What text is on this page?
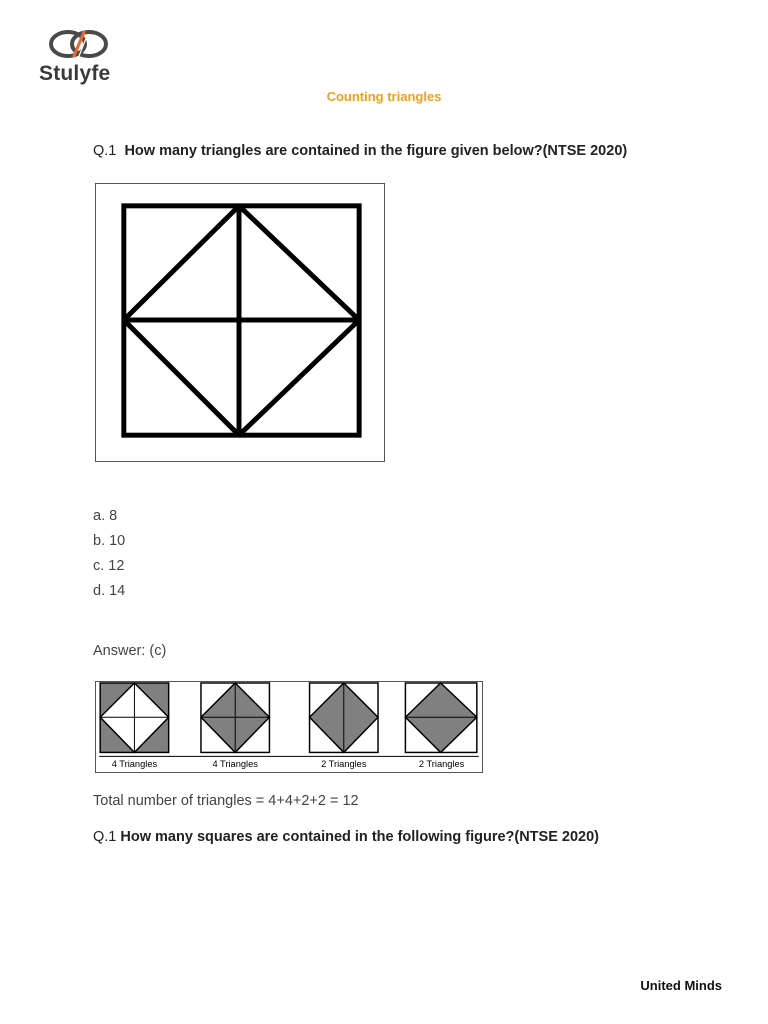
Stulyfe
Counting triangles
Q.1 How many triangles are contained in the figure given below?(NTSE 2020)
a. 8
b. 10
c. 12
d. 14
Answer: (c)
4 Triangles	4 Triangles	2 Triangles	2 Triangles
Total number of triangles = 4+4+2+2 = 12
Q.1 How many squares are contained in the following figure?(NTSE 2020)
United Minds
